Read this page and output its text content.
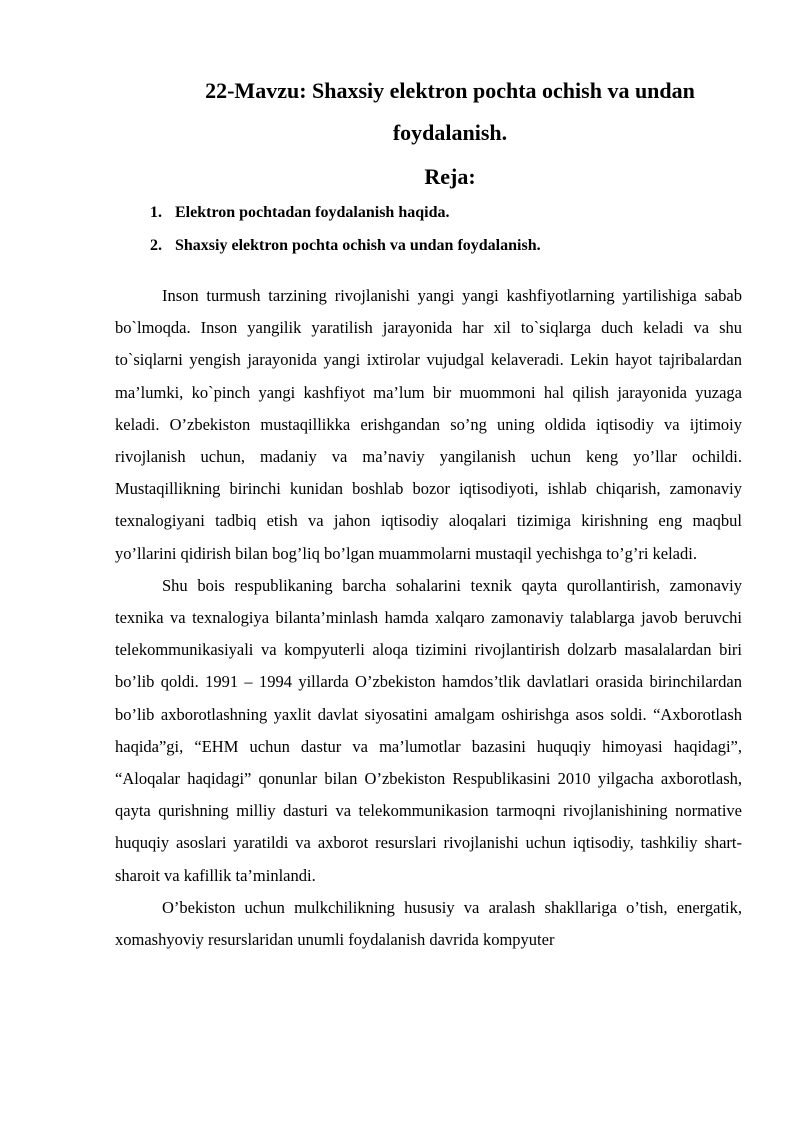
22-Mavzu: Shaxsiy elektron pochta ochish va undan
foydalanish.
Reja:
1. Elektron pochtadan foydalanish haqida.
2. Shaxsiy elektron pochta ochish va undan foydalanish.

Inson turmush tarzining rivojlanishi yangi yangi kashfiyotlarning yartilishiga sabab bo`lmoqda. Inson yangilik yaratilish jarayonida har xil to`siqlarga duch keladi va shu to`siqlarni yengish jarayonida yangi ixtirolar vujudgal kelaveradi. Lekin hayot tajribalardan ma’lumki, ko`pinch yangi kashfiyot ma’lum bir muommoni hal qilish jarayonida yuzaga keladi. O’zbekiston mustaqillikka erishgandan so’ng uning oldida iqtisodiy va ijtimoiy rivojlanish uchun, madaniy va ma’naviy yangilanish uchun keng yo’llar ochildi. Mustaqillikning birinchi kunidan boshlab bozor iqtisodiyoti, ishlab chiqarish, zamonaviy texnalogiyani tadbiq etish va jahon iqtisodiy aloqalari tizimiga kirishning eng maqbul yo’llarini qidirish bilan bog’liq bo’lgan muammolarni mustaqil yechishga to’g’ri keladi.

Shu bois respublikaning barcha sohalarini texnik qayta qurollantirish, zamonaviy texnika va texnalogiya bilanta’minlash hamda xalqaro zamonaviy talablarga javob beruvchi telekommunikasiyali va kompyuterli aloqa tizimini rivojlantirish dolzarb masalalardan biri bo’lib qoldi. 1991 – 1994 yillarda O’zbekiston hamdos’tlik davlatlari orasida birinchilardan bo’lib axborotlashning yaxlit davlat siyosatini amalgam oshirishga asos soldi. “Axborotlash haqida”gi, “EHM uchun dastur va ma’lumotlar bazasini huquqiy himoyasi haqidagi”, “Aloqalar haqidagi” qonunlar bilan O’zbekiston Respublikasini 2010 yilgacha axborotlash, qayta qurishning milliy dasturi va telekommunikasion tarmoqni rivojlanishining normative huquqiy asoslari yaratildi va axborot resurslari rivojlanishi uchun iqtisodiy, tashkiliy shart-sharoit va kafillik ta’minlandi.

O’bekiston uchun mulkchilikning hususiy va aralash shakllariga o’tish, energatik, xomashyoviy resurslaridan unumli foydalanish davrida kompyuter
